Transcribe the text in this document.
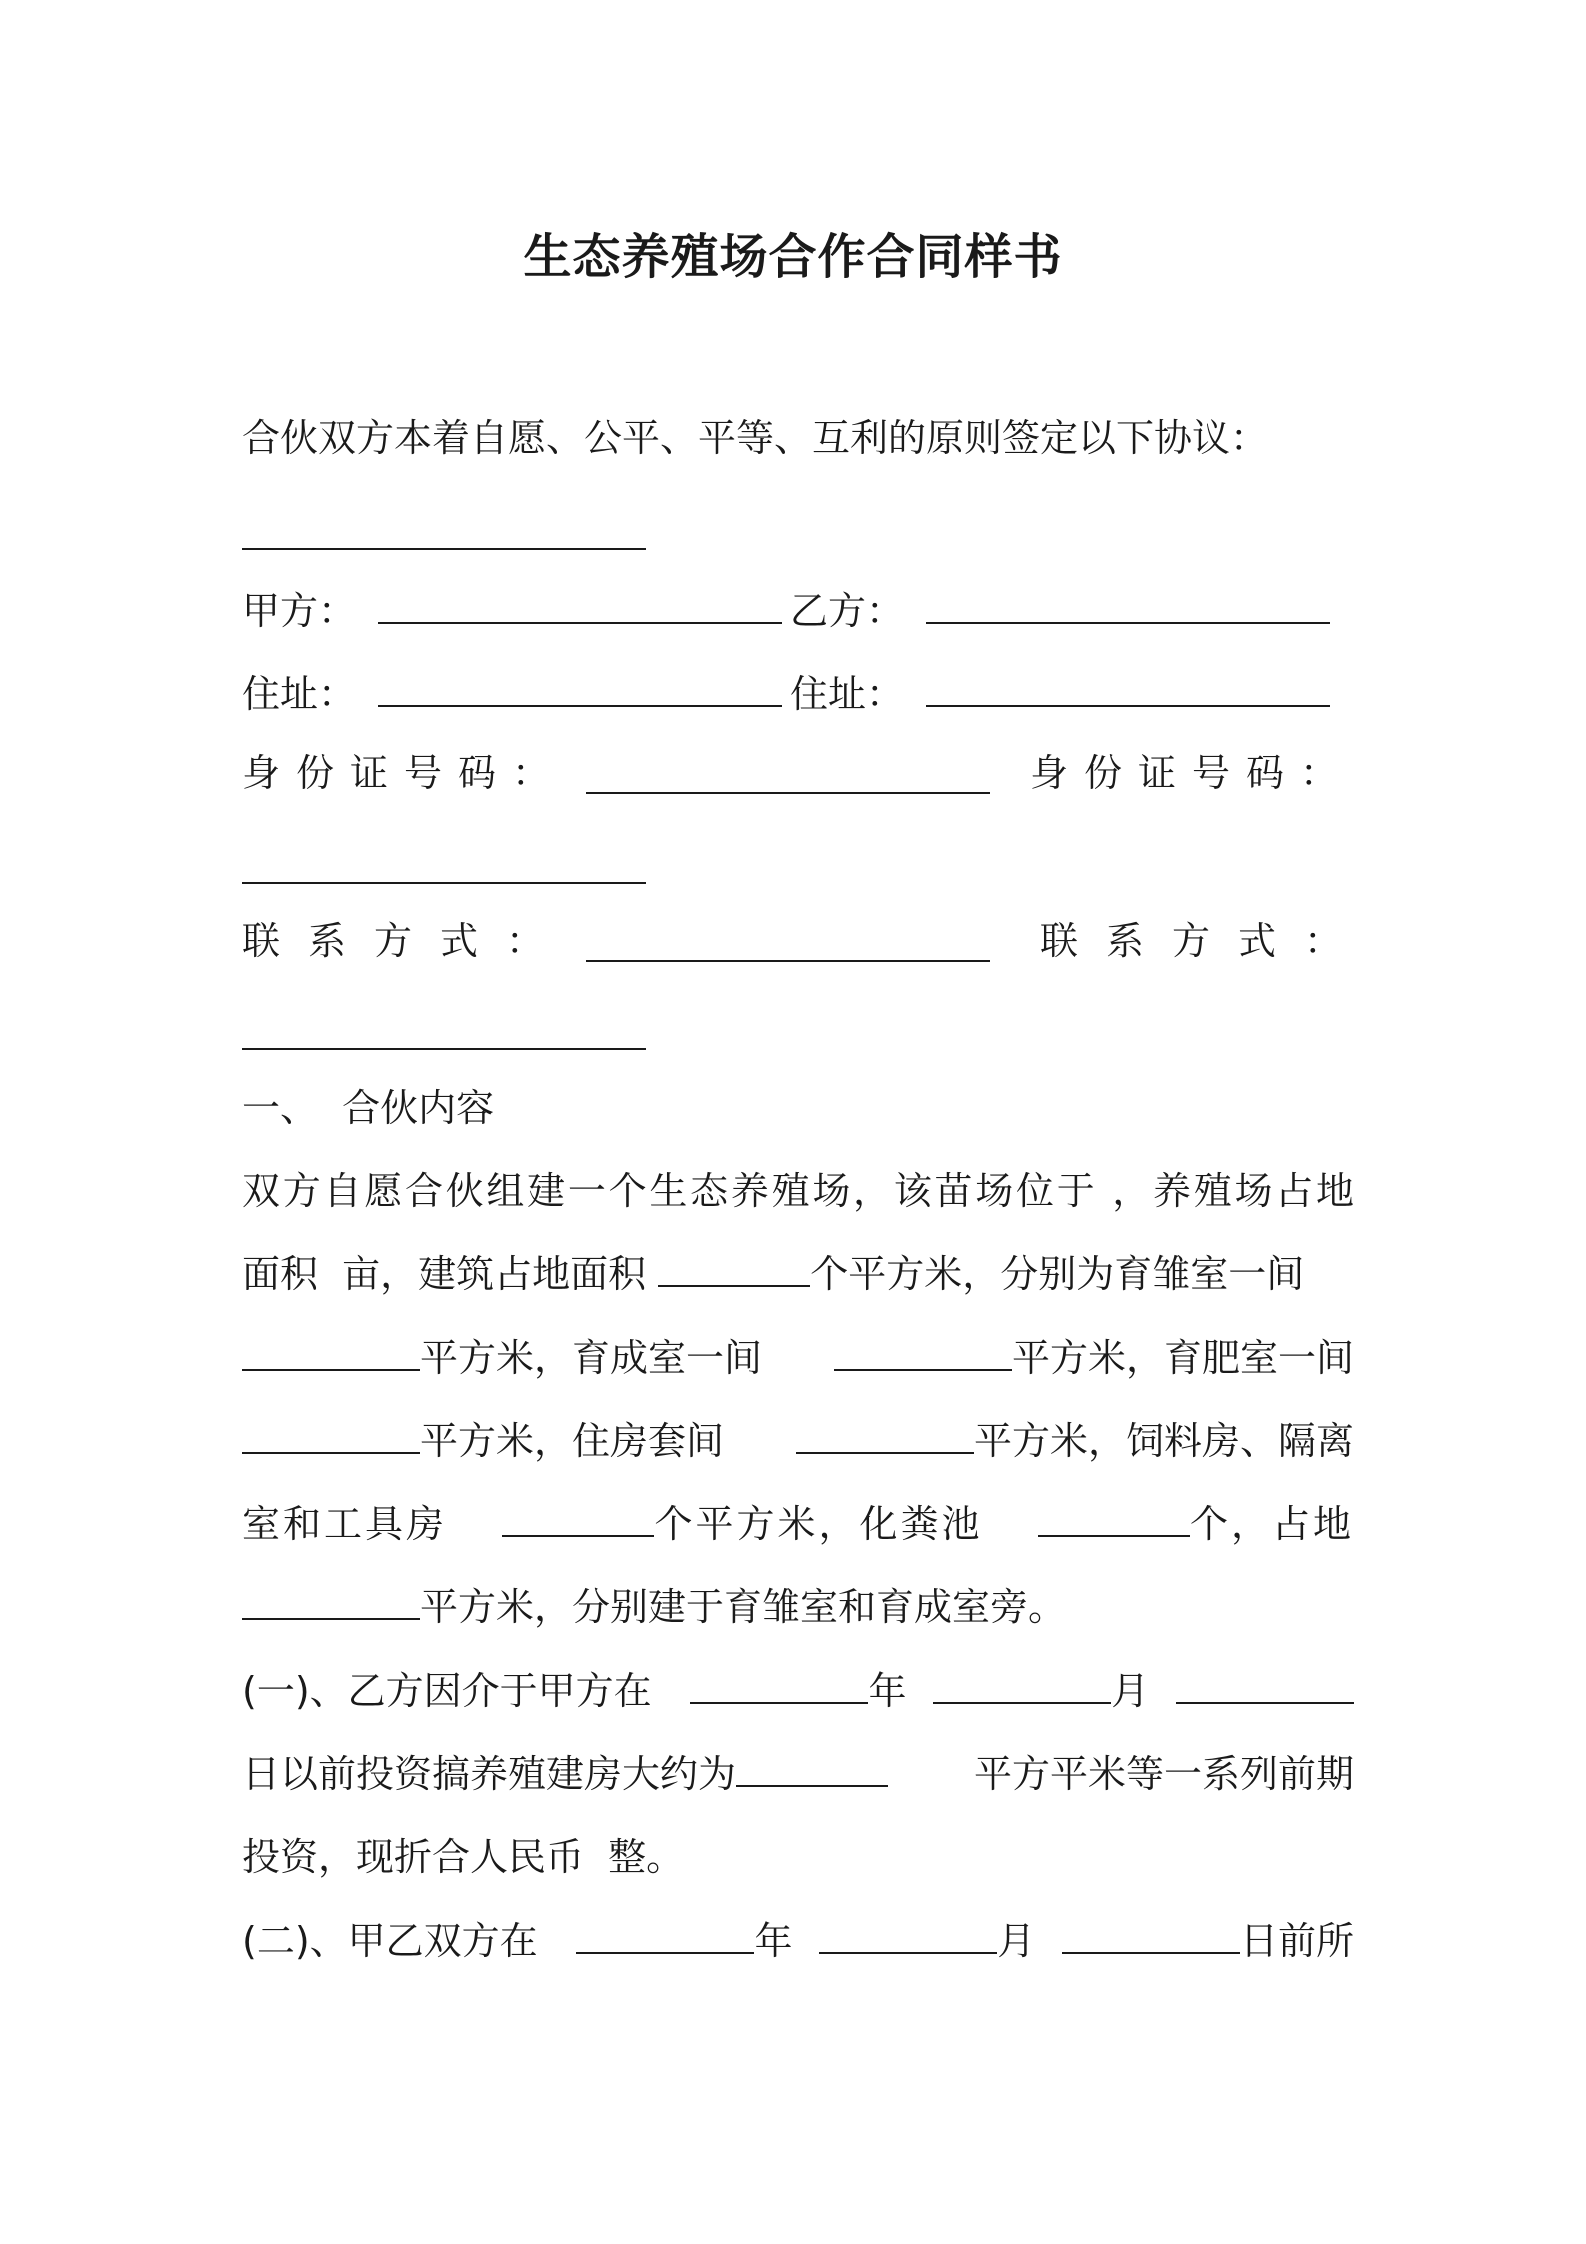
生态养殖场合作合同样书
合伙双方本着自愿、公平、平等、互利的原则签定以下协议：
甲方：	乙方：
住址：	住址：
身份证号码：	身份证号码：
联系方式：	联系方式：
一、  合伙内容
双方自愿合伙组建一个生态养殖场，该苗场位于 ，养殖场占地
面积  亩，建筑占地面积	个平方米，分别为育雏室一间
平方米，育成室一间	平方米，育肥室一间
平方米，住房套间	平方米，饲料房、隔离
室和工具房	个平方米，化粪池	个，占地
平方米，分别建于育雏室和育成室旁。
(一)、乙方因介于甲方在	年	月
日以前投资搞养殖建房大约为	平方平米等一系列前期
投资，现折合人民币  整。
(二)、甲乙双方在	年	月	日前所
